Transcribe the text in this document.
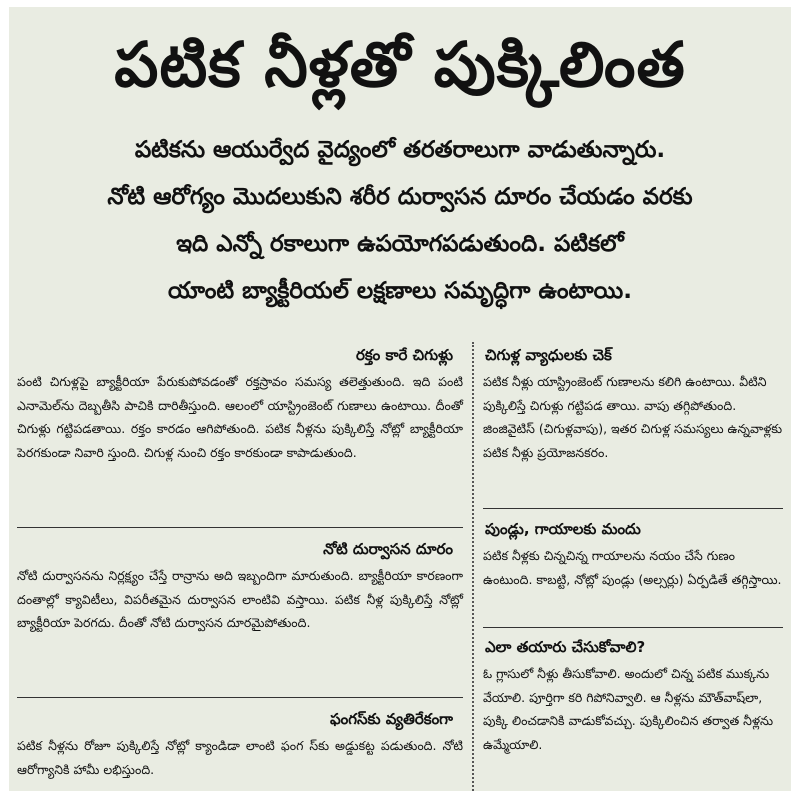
పటిక నీళ్లతో పుక్కిలింత

పటికను ఆయుర్వేద వైద్యంలో తరతరాలుగా వాడుతున్నారు.

నోటి ఆరోగ్యం మొదలుకుని శరీర దుర్వాసన దూరం చేయడం వరకు

ఇది ఎన్నో రకాలుగా ఉపయోగపడుతుంది. పటికలో

యాంటి బ్యాక్టీరియల్ లక్షణాలు సమృద్ధిగా ఉంటాయి.

రక్తం కారే చిగుళ్లు

పంటి చిగుళ్లపై బ్యాక్టీరియా పేరుకుపోవడంతో రక్తస్రావం సమస్య తలెత్తుతుంది. ఇది పంటి ఎనామెల్‌ను దెబ్బతీసి పాచికి దారితీస్తుంది. ఆలంలో యాస్ట్రింజెంట్ గుణాలు ఉంటాయి. దీంతో చిగుళ్లు గట్టిపడతాయి. రక్తం కారడం ఆగిపోతుంది. పటిక నీళ్లను పుక్కిలిస్తే నోట్లో బ్యాక్టీరియా పెరగకుండా నివారి స్తుంది. చిగుళ్ల నుంచి రక్తం కారకుండా కాపాడుతుంది.

నోటి దుర్వాసన దూరం

నోటి దుర్వాసనను నిర్లక్ష్యం చేస్తే రాన్రాను అది ఇబ్బందిగా మారుతుంది. బ్యాక్టీరియా కారణంగా దంతాల్లో క్యావిటీలు, విపరీతమైన దుర్వాసన లాంటివి వస్తాయి. పటిక నీళ్ల పుక్కిలిస్తే నోట్లో బ్యాక్టీరియా పెరగదు. దీంతో నోటి దుర్వాసన దూరమైపోతుంది.

ఫంగస్‌కు వ్యతిరేకంగా

పటిక నీళ్లను రోజూ పుక్కిలిస్తే నోట్లో క్యాండిడా లాంటి ఫంగ స్‌కు అడ్డుకట్ట పడుతుంది. నోటి ఆరోగ్యానికి హామీ లభిస్తుంది.

చిగుళ్ల వ్యాధులకు చెక్

పటిక నీళ్లు యాస్ట్రింజెంట్ గుణాలను కలిగి ఉంటాయి. వీటిని పుక్కిలిస్తే చిగుళ్లు గట్టిపడ తాయి. వాపు తగ్గిపోతుంది. జింజివైటిస్ (చిగుళ్లవాపు), ఇతర చిగుళ్ల సమస్యలు ఉన్నవాళ్లకు పటిక నీళ్లు ప్రయోజనకరం.

పుండ్లు, గాయాలకు మందు

పటిక నీళ్లకు చిన్నచిన్న గాయాలను నయం చేసే గుణం ఉంటుంది. కాబట్టి, నోట్లో పుండ్లు (అల్సర్లు) ఏర్పడితే తగ్గిస్తాయి.

ఎలా తయారు చేసుకోవాలి?

ఓ గ్లాసులో నీళ్లు తీసుకోవాలి. అందులో చిన్న పటిక ముక్కను వేయాలి. పూర్తిగా కరి గిపోనివ్వాలి. ఆ నీళ్లను మౌత్‌వాష్‌లా, పుక్కి లించడానికి వాడుకోవచ్చు. పుక్కిలించిన తర్వాత నీళ్లను ఉమ్మేయాలి.
